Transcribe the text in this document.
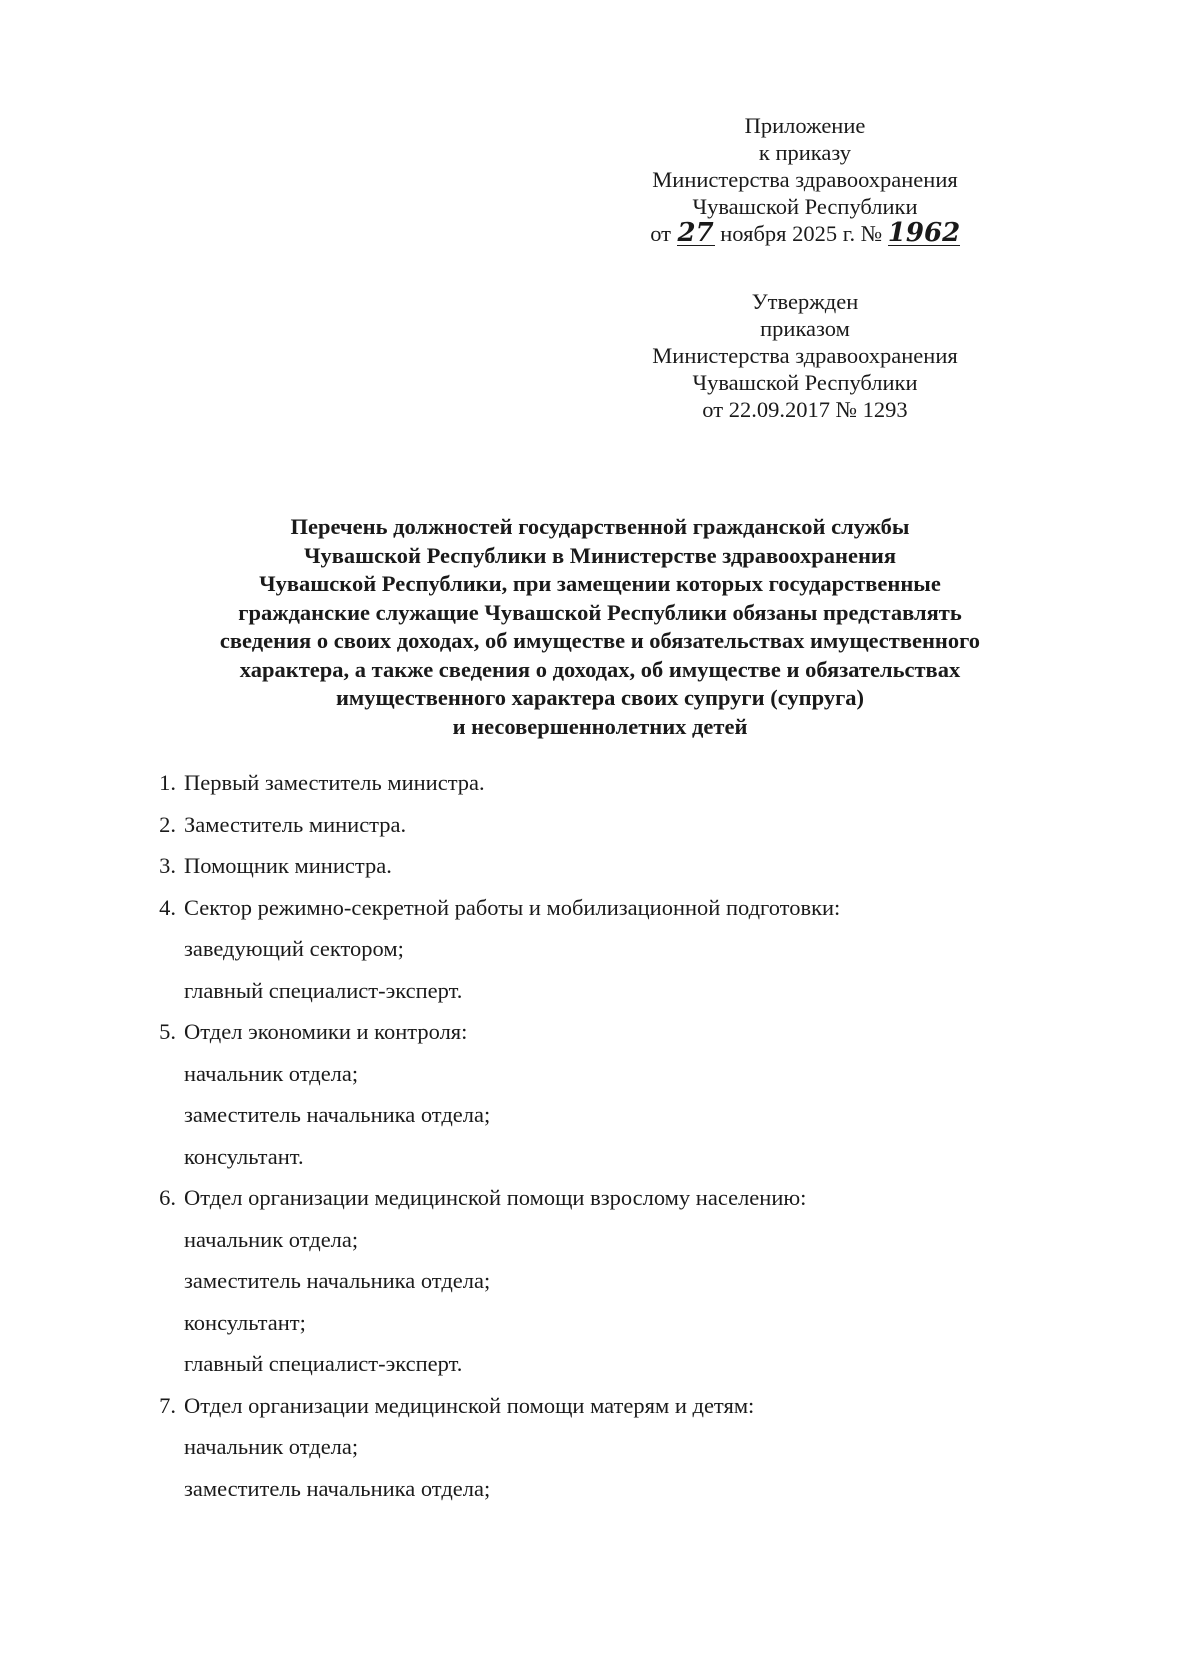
Приложение
к приказу
Министерства здравоохранения
Чувашской Республики
от 27 ноября 2025 г. № 1962
Утвержден
приказом
Министерства здравоохранения
Чувашской Республики
от 22.09.2017 № 1293
Перечень должностей государственной гражданской службы
Чувашской Республики в Министерстве здравоохранения
Чувашской Республики, при замещении которых государственные
гражданские служащие Чувашской Республики обязаны представлять
сведения о своих доходах, об имуществе и обязательствах имущественного
характера, а также сведения о доходах, об имуществе и обязательствах
имущественного характера своих супруги (супруга)
и несовершеннолетних детей
1. Первый заместитель министра.
2. Заместитель министра.
3. Помощник министра.
4. Сектор режимно-секретной работы и мобилизационной подготовки:
заведующий сектором;
главный специалист-эксперт.
5. Отдел экономики и контроля:
начальник отдела;
заместитель начальника отдела;
консультант.
6. Отдел организации медицинской помощи взрослому населению:
начальник отдела;
заместитель начальника отдела;
консультант;
главный специалист-эксперт.
7. Отдел организации медицинской помощи матерям и детям:
начальник отдела;
заместитель начальника отдела;
